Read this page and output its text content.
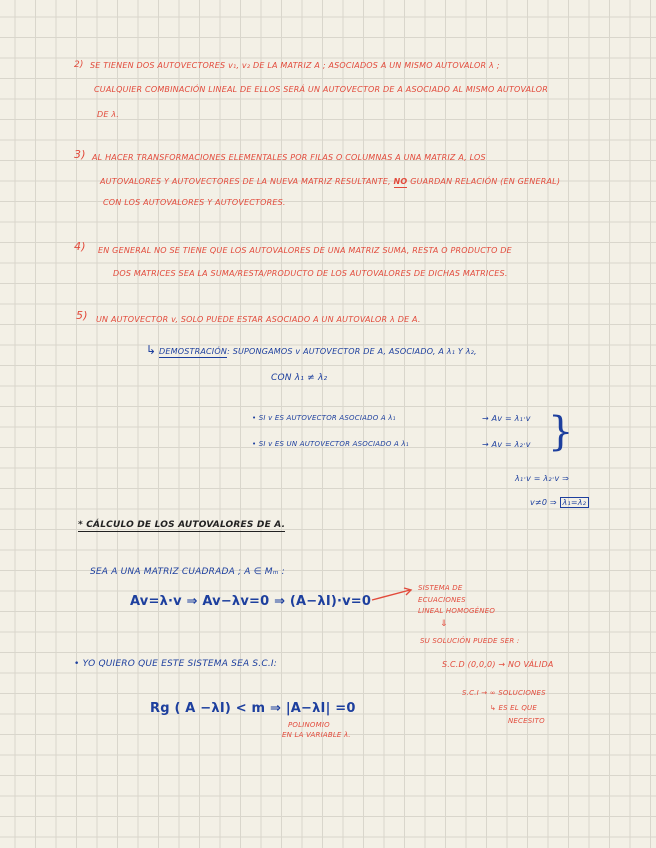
2) SE TIENEN DOS AUTOVECTORES v₁, v₂ DE LA MATRIZ A ; ASOCIADOS A UN MISMO AUTOVALOR λ ;

CUALQUIER COMBINACIÓN LINEAL DE ELLOS SERÁ UN AUTOVECTOR DE A ASOCIADO AL MISMO AUTOVALOR

DE λ.

3) AL HACER TRANSFORMACIONES ELEMENTALES POR FILAS O COLUMNAS A UNA MATRIZ A, LOS

AUTOVALORES Y AUTOVECTORES DE LA NUEVA MATRIZ RESULTANTE, NO GUARDAN RELACIÓN (EN GENERAL)

CON LOS AUTOVALORES Y AUTOVECTORES.

4) EN GENERAL NO SE TIENE QUE LOS AUTOVALORES DE UNA MATRIZ SUMA, RESTA O PRODUCTO DE

DOS MATRICES SEA LA SUMA/RESTA/PRODUCTO DE LOS AUTOVALORES DE DICHAS MATRICES.

5) UN AUTOVECTOR v, SOLO PUEDE ESTAR ASOCIADO A UN AUTOVALOR λ DE A.

↳ DEMOSTRACIÓN: SUPONGAMOS v AUTOVECTOR DE A, ASOCIADO, A λ₁ Y λ₂,

CON λ₁ ≠ λ₂

• SI v ES AUTOVECTOR ASOCIADO A λ₁	→ Av = λ₁·v

• SI v ES UN AUTOVECTOR ASOCIADO A λ₁	→ Av = λ₂·v }

λ₁·v = λ₂·v ⇒

v≠0 ⇒ λ₁=λ₂

* CÁLCULO DE LOS AUTOVALORES DE A.

SEA A UNA MATRIZ CUADRADA ; A ∈ Mₘ :

Av=λ·v ⇒ Av−λv=0 ⇒ (A−λI)·v=0

SISTEMA DE

ECUACIONES

LINEAL HOMOGÉNEO

⇓

SU SOLUCIÓN PUEDE SER :

S.C.D (0,0,0) → NO VÁLIDA

S.C.I → ∞ SOLUCIONES

↳ ES EL QUE

NECESITO

• YO QUIERO QUE ESTE SISTEMA SEA S.C.I:

Rg ( A −λI) < m ⇒ |A−λI| =0

POLINOMIO

EN LA VARIABLE λ.
